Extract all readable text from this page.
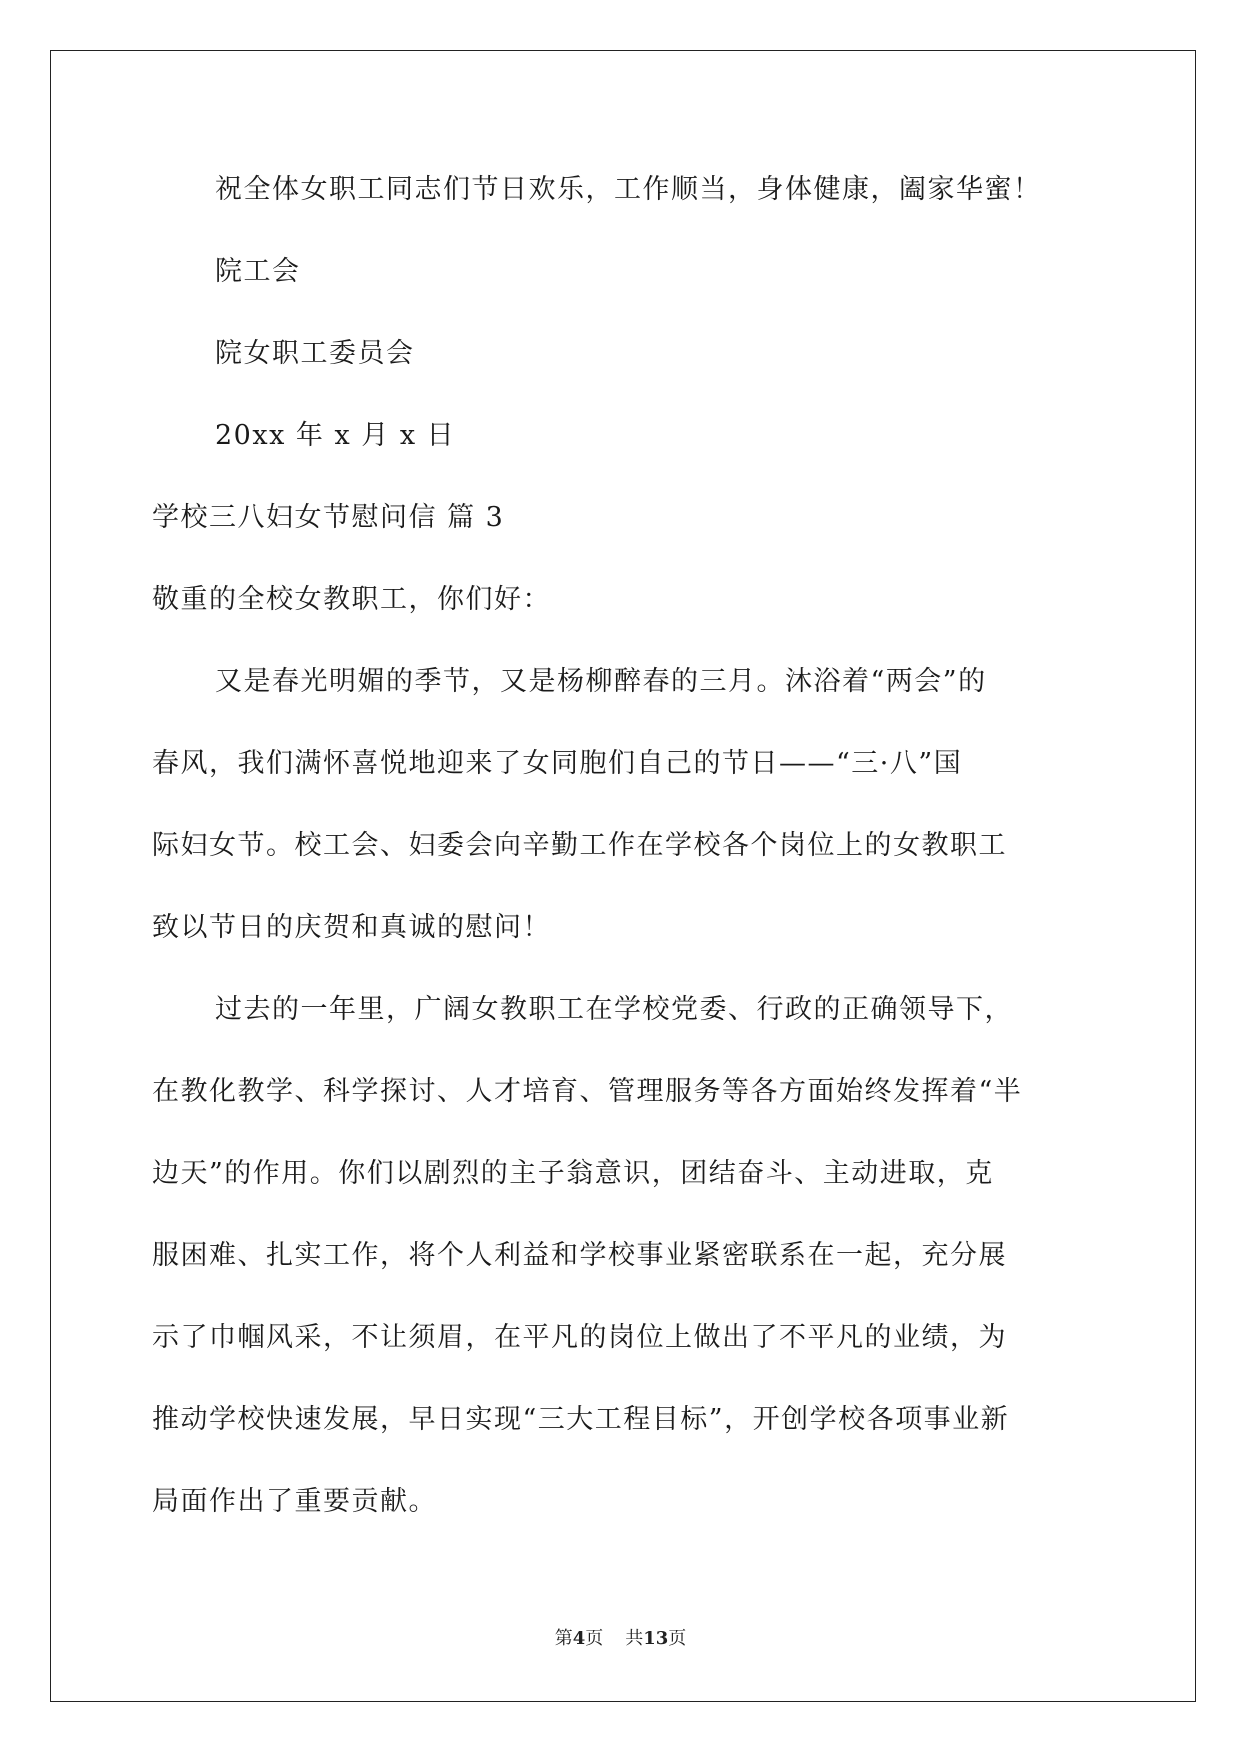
祝全体女职工同志们节日欢乐，工作顺当，身体健康，阖家华蜜！
院工会
院女职工委员会
20xx 年 x 月 x 日
学校三八妇女节慰问信 篇 3
敬重的全校女教职工，你们好：
又是春光明媚的季节，又是杨柳醉春的三月。沐浴着“两会”的
春风，我们满怀喜悦地迎来了女同胞们自己的节日——“三·八”国
际妇女节。校工会、妇委会向辛勤工作在学校各个岗位上的女教职工
致以节日的庆贺和真诚的慰问！
过去的一年里，广阔女教职工在学校党委、行政的正确领导下，
在教化教学、科学探讨、人才培育、管理服务等各方面始终发挥着“半
边天”的作用。你们以剧烈的主子翁意识，团结奋斗、主动进取，克
服困难、扎实工作，将个人利益和学校事业紧密联系在一起，充分展
示了巾帼风采，不让须眉，在平凡的岗位上做出了不平凡的业绩，为
推动学校快速发展，早日实现“三大工程目标”，开创学校各项事业新
局面作出了重要贡献。
第4页 共13页
